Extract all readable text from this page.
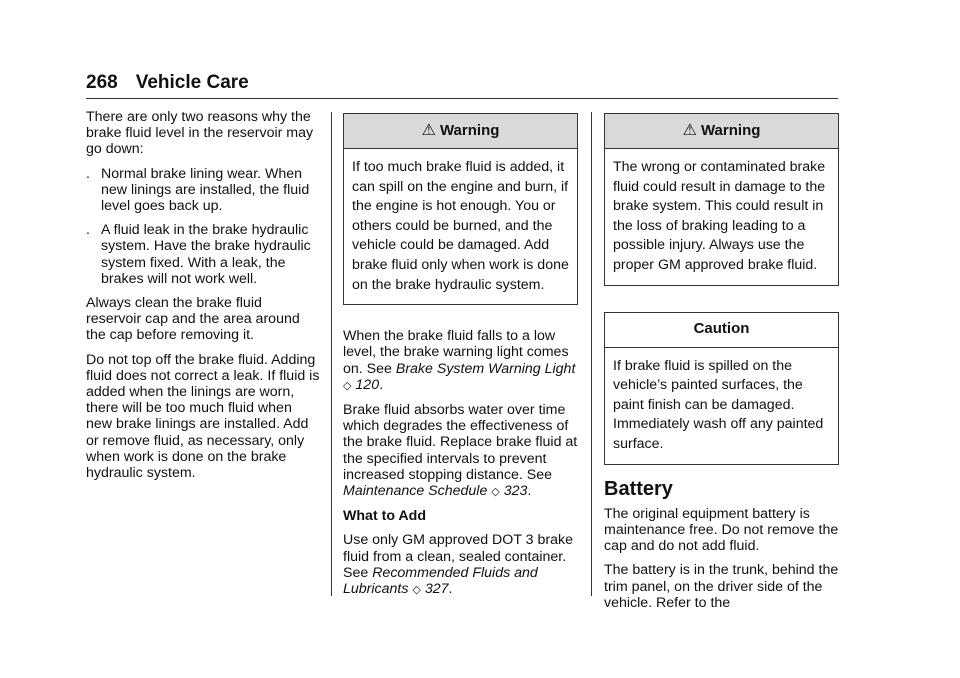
268 Vehicle Care

There are only two reasons why the brake fluid level in the reservoir may go down:

. Normal brake lining wear. When new linings are installed, the fluid level goes back up.
. A fluid leak in the brake hydraulic system. Have the brake hydraulic system fixed. With a leak, the brakes will not work well.

Always clean the brake fluid reservoir cap and the area around the cap before removing it.

Do not top off the brake fluid. Adding fluid does not correct a leak. If fluid is added when the linings are worn, there will be too much fluid when new brake linings are installed. Add or remove fluid, as necessary, only when work is done on the brake hydraulic system.

⚠ Warning
If too much brake fluid is added, it can spill on the engine and burn, if the engine is hot enough. You or others could be burned, and the vehicle could be damaged. Add brake fluid only when work is done on the brake hydraulic system.

When the brake fluid falls to a low level, the brake warning light comes on. See Brake System Warning Light ◇ 120.

Brake fluid absorbs water over time which degrades the effectiveness of the brake fluid. Replace brake fluid at the specified intervals to prevent increased stopping distance. See Maintenance Schedule ◇ 323.

What to Add

Use only GM approved DOT 3 brake fluid from a clean, sealed container. See Recommended Fluids and Lubricants ◇ 327.

⚠ Warning
The wrong or contaminated brake fluid could result in damage to the brake system. This could result in the loss of braking leading to a possible injury. Always use the proper GM approved brake fluid.
Caution
If brake fluid is spilled on the vehicle’s painted surfaces, the paint finish can be damaged. Immediately wash off any painted surface.
Battery

The original equipment battery is maintenance free. Do not remove the cap and do not add fluid.

The battery is in the trunk, behind the trim panel, on the driver side of the vehicle. Refer to the
